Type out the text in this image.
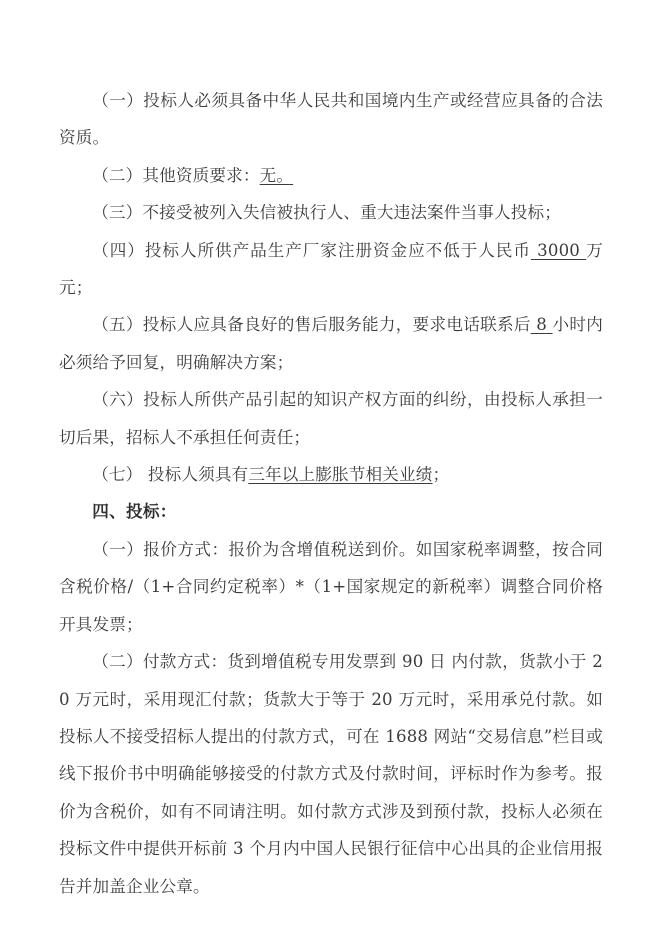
（一）投标人必须具备中华人民共和国境内生产或经营应具备的合法资质。

（二）其他资质要求：无。

（三）不接受被列入失信被执行人、重大违法案件当事人投标；

（四）投标人所供产品生产厂家注册资金应不低于人民币 3000 万元；

（五）投标人应具备良好的售后服务能力，要求电话联系后 8 小时内必须给予回复，明确解决方案；

（六）投标人所供产品引起的知识产权方面的纠纷，由投标人承担一切后果，招标人不承担任何责任；

（七） 投标人须具有三年以上膨胀节相关业绩；

四、投标：

（一）报价方式：报价为含增值税送到价。如国家税率调整，按合同含税价格/（1+合同约定税率）*（1+国家规定的新税率）调整合同价格开具发票；

（二）付款方式：货到增值税专用发票到 90 日 内付款，货款小于 20 万元时，采用现汇付款；货款大于等于 20 万元时，采用承兑付款。如投标人不接受招标人提出的付款方式，可在 1688 网站“交易信息”栏目或线下报价书中明确能够接受的付款方式及付款时间，评标时作为参考。报价为含税价，如有不同请注明。如付款方式涉及到预付款，投标人必须在投标文件中提供开标前 3 个月内中国人民银行征信中心出具的企业信用报告并加盖企业公章。
